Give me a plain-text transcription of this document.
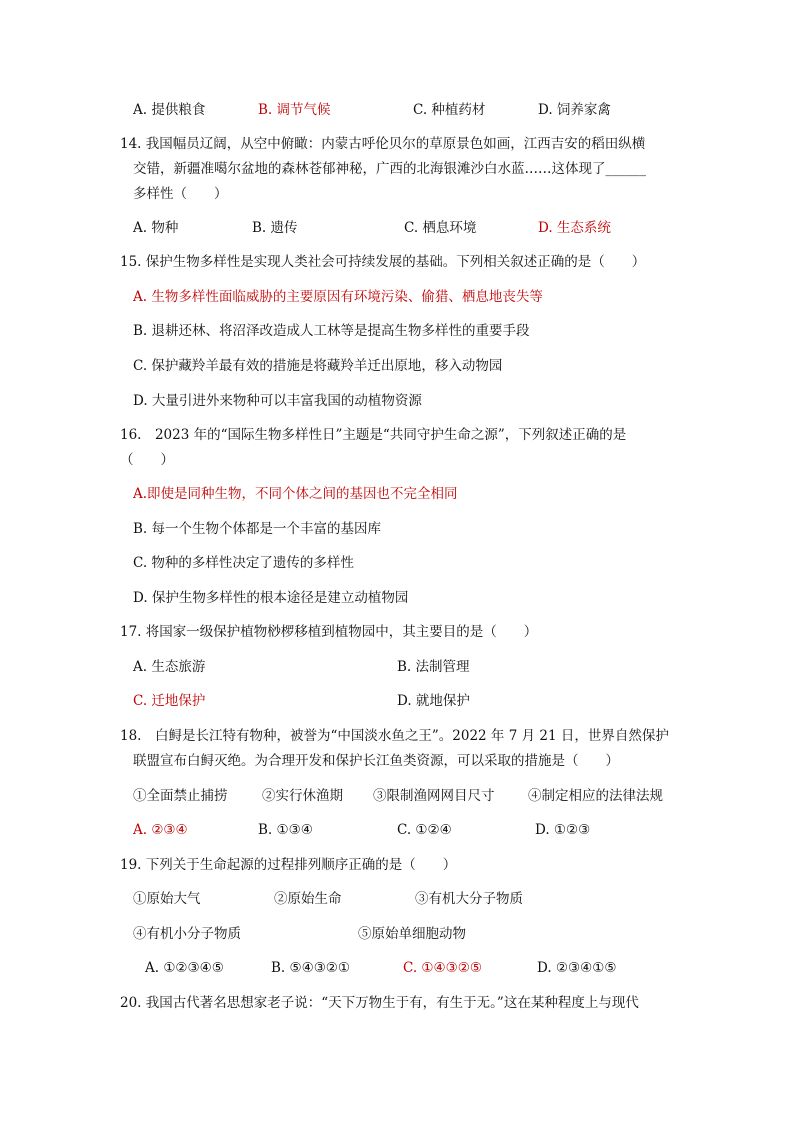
A. 提供粮食	B. 调节气候	C. 种植药材	D. 饲养家禽
14. 我国幅员辽阔，从空中俯瞰：内蒙古呼伦贝尔的草原景色如画，江西吉安的稻田纵横
交错，新疆准噶尔盆地的森林苍郁神秘，广西的北海银滩沙白水蓝……这体现了______
多样性（　　）
A. 物种	B. 遗传	C. 栖息环境	D. 生态系统
15. 保护生物多样性是实现人类社会可持续发展的基础。下列相关叙述正确的是（　　）
A. 生物多样性面临威胁的主要原因有环境污染、偷猎、栖息地丧失等
B. 退耕还林、将沼泽改造成人工林等是提高生物多样性的重要手段
C. 保护藏羚羊最有效的措施是将藏羚羊迁出原地，移入动物园
D. 大量引进外来物种可以丰富我国的动植物资源
16.　2023 年的“国际生物多样性日”主题是“共同守护生命之源”，下列叙述正确的是
（　　）
A.即使是同种生物，不同个体之间的基因也不完全相同
B. 每一个生物个体都是一个丰富的基因库
C. 物种的多样性决定了遗传的多样性
D. 保护生物多样性的根本途径是建立动植物园
17. 将国家一级保护植物桫椤移植到植物园中，其主要目的是（　　）
A. 生态旅游	B. 法制管理
C. 迁地保护	D. 就地保护
18.　白鲟是长江特有物种，被誉为“中国淡水鱼之王”。2022 年 7 月 21 日，世界自然保护
联盟宣布白鲟灭绝。为合理开发和保护长江鱼类资源，可以采取的措施是（　　）
①全面禁止捕捞	②实行休渔期 ③限制渔网网目尺寸 ④制定相应的法律法规
A. ②③④	B. ①③④	C. ①②④	D. ①②③
19. 下列关于生命起源的过程排列顺序正确的是（　　）
①原始大气	②原始生命	③有机大分子物质
④有机小分子物质	⑤原始单细胞动物
A. ①②③④⑤	B. ⑤④③②①	C. ①④③②⑤	D. ②③④①⑤
20. 我国古代著名思想家老子说：“天下万物生于有，有生于无。”这在某种程度上与现代
